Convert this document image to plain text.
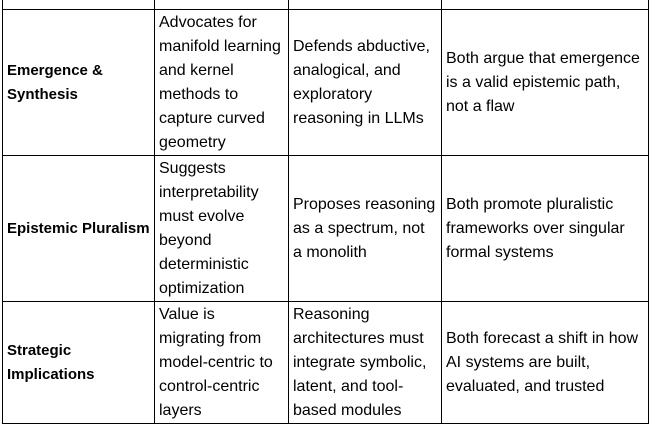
Emergence & Synthesis	Advocates for manifold learning and kernel methods to capture curved geometry	Defends abductive, analogical, and exploratory reasoning in LLMs	Both argue that emergence is a valid epistemic path, not a flaw
Epistemic Pluralism	Suggests interpretability must evolve beyond deterministic optimization	Proposes reasoning as a spectrum, not a monolith	Both promote pluralistic frameworks over singular formal systems
Strategic Implications	Value is migrating from model-centric to control-centric layers	Reasoning architectures must integrate symbolic, latent, and tool-based modules	Both forecast a shift in how AI systems are built, evaluated, and trusted
